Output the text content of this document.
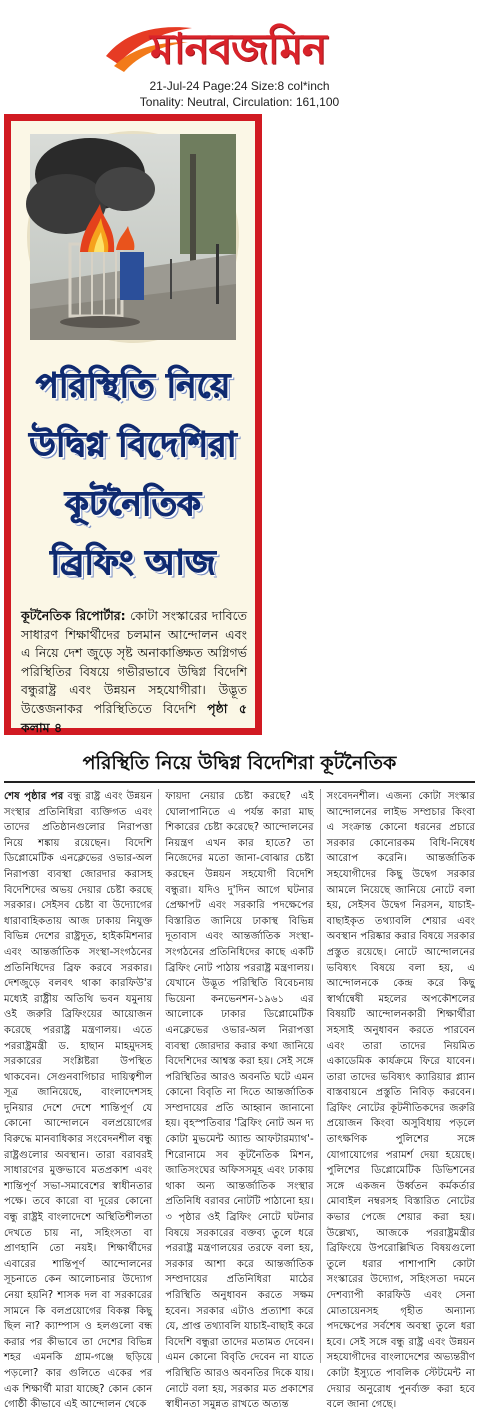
মানবজমিন
21-Jul-24 Page:24 Size:8 col*inch
Tonality: Neutral, Circulation: 161,100
পরিস্থিতি নিয়ে
উদ্বিগ্ন বিদেশিরা
কূটনৈতিক
ব্রিফিং আজ
কূটনৈতিক রিপোর্টার: কোটা সংস্কারের দাবিতে সাধারণ শিক্ষার্থীদের চলমান আন্দোলন এবং এ নিয়ে দেশ জুড়ে সৃষ্ট অনাকাঙ্ক্ষিত অগ্নিগর্ভ পরিস্থিতির বিষয়ে গভীরভাবে উদ্বিগ্ন বিদেশি বন্ধুরাষ্ট্র এবং উন্নয়ন সহযোগীরা। উদ্ভূত উত্তেজনাকর পরিস্থিতিতে বিদেশি পৃষ্ঠা ৫ কলাম ৪
পরিস্থিতি নিয়ে উদ্বিগ্ন বিদেশিরা কূটনৈতিক

শেষ পৃষ্ঠার পর বন্ধু রাষ্ট্র এবং উন্নয়ন সংস্থার প্রতিনিধিরা ব্যক্তিগত এবং তাদের প্রতিষ্ঠানগুলোর নিরাপত্তা নিয়ে শঙ্কায় রয়েছেন। বিদেশি ডিপ্লোমেটিক এনক্লেভের ওভার-অল নিরাপত্তা ব্যবস্থা জোরদার করাসহ বিদেশিদের অভয় দেয়ার চেষ্টা করছে সরকার। সেইসব চেষ্টা বা উদ্যোগের ধারাবাহিকতায় আজ ঢাকায় নিযুক্ত বিভিন্ন দেশের রাষ্ট্রদূত, হাইকমিশনার এবং আন্তর্জাতিক সংস্থা-সংগঠনের প্রতিনিধিদের ব্রিফ করবে সরকার। দেশজুড়ে বলবৎ থাকা কারফিউ'র মধ্যেই রাষ্ট্রীয় অতিথি ভবন যমুনায় ওই জরুরি ব্রিফিংয়ের আয়োজন করেছে পররাষ্ট্র মন্ত্রণালয়। এতে পররাষ্ট্রমন্ত্রী ড. হাছান মাহমুদসহ সরকারের সংশ্লিষ্টরা উপস্থিত থাকবেন। সেগুনবাগিচার দায়িত্বশীল সূত্র জানিয়েছে, বাংলাদেশসহ দুনিয়ার দেশে দেশে শান্তিপূর্ণ যে কোনো আন্দোলনে বলপ্রয়োগের বিরুদ্ধে মানবাধিকার সংবেদনশীল বন্ধু রাষ্ট্রগুলোর অবস্থান। তারা বরাবরই সাধারণের মুক্তভাবে মতপ্রকাশ এবং শান্তিপূর্ণ সভা-সমাবেশের স্বাধীনতার পক্ষে। তবে কারো বা দূরের কোনো বন্ধু রাষ্ট্রই বাংলাদেশে অস্থিতিশীলতা দেখতে চায় না, সহিংসতা বা প্রাণহানি তো নয়ই। শিক্ষার্থীদের এবারের শান্তিপূর্ণ আন্দোলনের সূচনাতে কেন আলোচনার উদ্যোগ নেয়া হয়নি? শাসক দল বা সরকারের সামনে কি বলপ্রয়োগের বিকল্প কিছু ছিল না? ক্যাম্পাস ও হলগুলো বন্ধ করার পর কীভাবে তা দেশের বিভিন্ন শহর এমনকি গ্রাম-গঞ্জে ছড়িয়ে পড়লো? কার গুলিতে একের পর এক শিক্ষার্থী মারা যাচ্ছে? কোন কোন গোষ্ঠী কীভাবে এই আন্দোলন থেকে

ফায়দা নেয়ার চেষ্টা করছে? এই ঘোলাপানিতে এ পর্যন্ত কারা মাছ শিকারের চেষ্টা করেছে? আন্দোলনের নিয়ন্ত্রণ এখন কার হাতে? তা নিজেদের মতো জানা-বোঝার চেষ্টা করছেন উন্নয়ন সহযোগী বিদেশি বন্ধুরা। যদিও দু'দিন আগে ঘটনার প্রেক্ষাপট এবং সরকারি পদক্ষেপের বিস্তারিত জানিয়ে ঢাকাস্থ বিভিন্ন দূতাবাস এবং আন্তর্জাতিক সংস্থা-সংগঠনের প্রতিনিধিদের কাছে একটি ব্রিফিং নোট পাঠায় পররাষ্ট্র মন্ত্রণালয়। যেখানে উদ্ভূত পরিস্থিতি বিবেচনায় ভিয়েনা কনভেনশন-১৯৬১ এর আলোকে ঢাকার ডিপ্লোমেটিক এনক্লেভের ওভার-অল নিরাপত্তা ব্যবস্থা জোরদার করার কথা জানিয়ে বিদেশিদের আশ্বস্ত করা হয়। সেই সঙ্গে পরিস্থিতির আরও অবনতি ঘটে এমন কোনো বিবৃতি না দিতে আন্তর্জাতিক সম্প্রদায়ের প্রতি আহ্বান জানানো হয়। বৃহস্পতিবার 'ব্রিফিং নোট অন দ্য কোটা মুভমেন্ট অ্যান্ড আফটারম্যাথ'- শিরোনামে সব কূটনৈতিক মিশন, জাতিসংঘের অফিসসমূহ এবং ঢাকায় থাকা অন্য আন্তর্জাতিক সংস্থার প্রতিনিধি বরাবর নোটটি পাঠানো হয়। ৩ পৃষ্ঠার ওই ব্রিফিং নোটে ঘটনার বিষয়ে সরকারের বক্তব্য তুলে ধরে পররাষ্ট্র মন্ত্রণালয়ের তরফে বলা হয়, সরকার আশা করে আন্তর্জাতিক সম্প্রদায়ের প্রতিনিধিরা মাঠের পরিস্থিতি অনুধাবন করতে সক্ষম হবেন। সরকার এটাও প্রত্যাশা করে যে, প্রাপ্ত তথ্যাবলি যাচাই-বাছাই করে বিদেশি বন্ধুরা তাদের মতামত দেবেন। এমন কোনো বিবৃতি দেবেন না যাতে পরিস্থিতি আরও অবনতির দিকে যায়। নোটে বলা হয়, সরকার মত প্রকাশের স্বাধীনতা সমুন্নত রাখতে অত্যন্ত

সংবেদনশীল। এজন্য কোটা সংস্কার আন্দোলনের লাইভ সম্প্রচার কিংবা এ সংক্রান্ত কোনো ধরনের প্রচারে সরকার কোনোরকম বিধি-নিষেধ আরোপ করেনি। আন্তর্জাতিক সহযোগীদের কিছু উদ্বেগ সরকার আমলে নিয়েছে জানিয়ে নোটে বলা হয়, সেইসব উদ্বেগ নিরসন, যাচাই-বাছাইকৃত তথ্যাবলি শেয়ার এবং অবস্থান পরিষ্কার করার বিষয়ে সরকার প্রস্তুত রয়েছে। নোটে আন্দোলনের ভবিষ্যৎ বিষয়ে বলা হয়, এ আন্দোলনকে কেন্দ্র করে কিছু স্বার্থান্বেষী মহলের অপকৌশলের বিষয়টি আন্দোলনকারী শিক্ষার্থীরা সহসাই অনুধাবন করতে পারবেন এবং তারা তাদের নিয়মিত একাডেমিক কার্যক্রমে ফিরে যাবেন। তারা তাদের ভবিষ্যৎ ক্যারিয়ার প্ল্যান বাস্তবায়নে প্রস্তুতি নিবিড় করবেন। ব্রিফিং নোটের কূটনীতিকদের জরুরি প্রয়োজন কিংবা অসুবিধায় পড়লে তাৎক্ষণিক পুলিশের সঙ্গে যোগাযোগের পরামর্শ দেয়া হয়েছে। পুলিশের ডিপ্লোমেটিক ডিভিশনের সঙ্গে একজন উর্ধ্বতন কর্মকর্তার মোবাইল নম্বরসহ বিস্তারিত নোটের কভার পেজে শেয়ার করা হয়। উল্লেখ্য, আজকে পররাষ্ট্রমন্ত্রীর ব্রিফিংয়ে উপরোল্লিখিত বিষয়গুলো তুলে ধরার পাশাপাশি কোটা সংস্কারের উদ্যোগ, সহিংসতা দমনে দেশব্যাপী কারফিউ এবং সেনা মোতায়েনসহ গৃহীত অন্যান্য পদক্ষেপের সর্বশেষ অবস্থা তুলে ধরা হবে। সেই সঙ্গে বন্ধু রাষ্ট্র এবং উন্নয়ন সহযোগীদের বাংলাদেশের অভ্যন্তরীণ কোটা ইস্যুতে পাবলিক স্টেটমেন্ট না দেয়ার অনুরোধ পুনর্ব্যক্ত করা হবে বলে জানা গেছে।
